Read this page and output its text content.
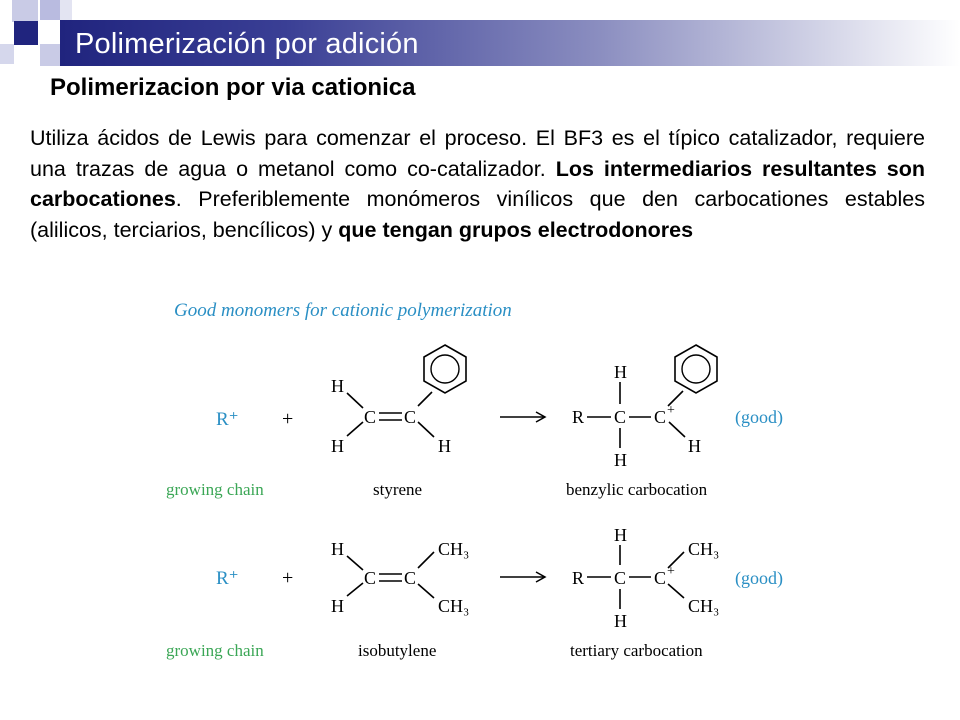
Polimerización por adición
Polimerizacion por via cationica
Utiliza ácidos de Lewis para comenzar el proceso. El BF3 es el típico catalizador, requiere una trazas de agua o metanol como co-catalizador. Los intermediarios resultantes son carbocationes. Preferiblemente monómeros vinílicos que den carbocationes estables (alilicos, terciarios, bencílicos) y que tengan grupos electrodonores
Good monomers for cationic polymerization
R⁺ +
H
H
C C
H
R C C +
H
H
H
(good)
growing chain	styrene	benzylic carbocation
R⁺ +
H
H
C C
CH₃
CH₃
R C C +
H
H
CH₃
CH₃
(good)
growing chain	isobutylene	tertiary carbocation
